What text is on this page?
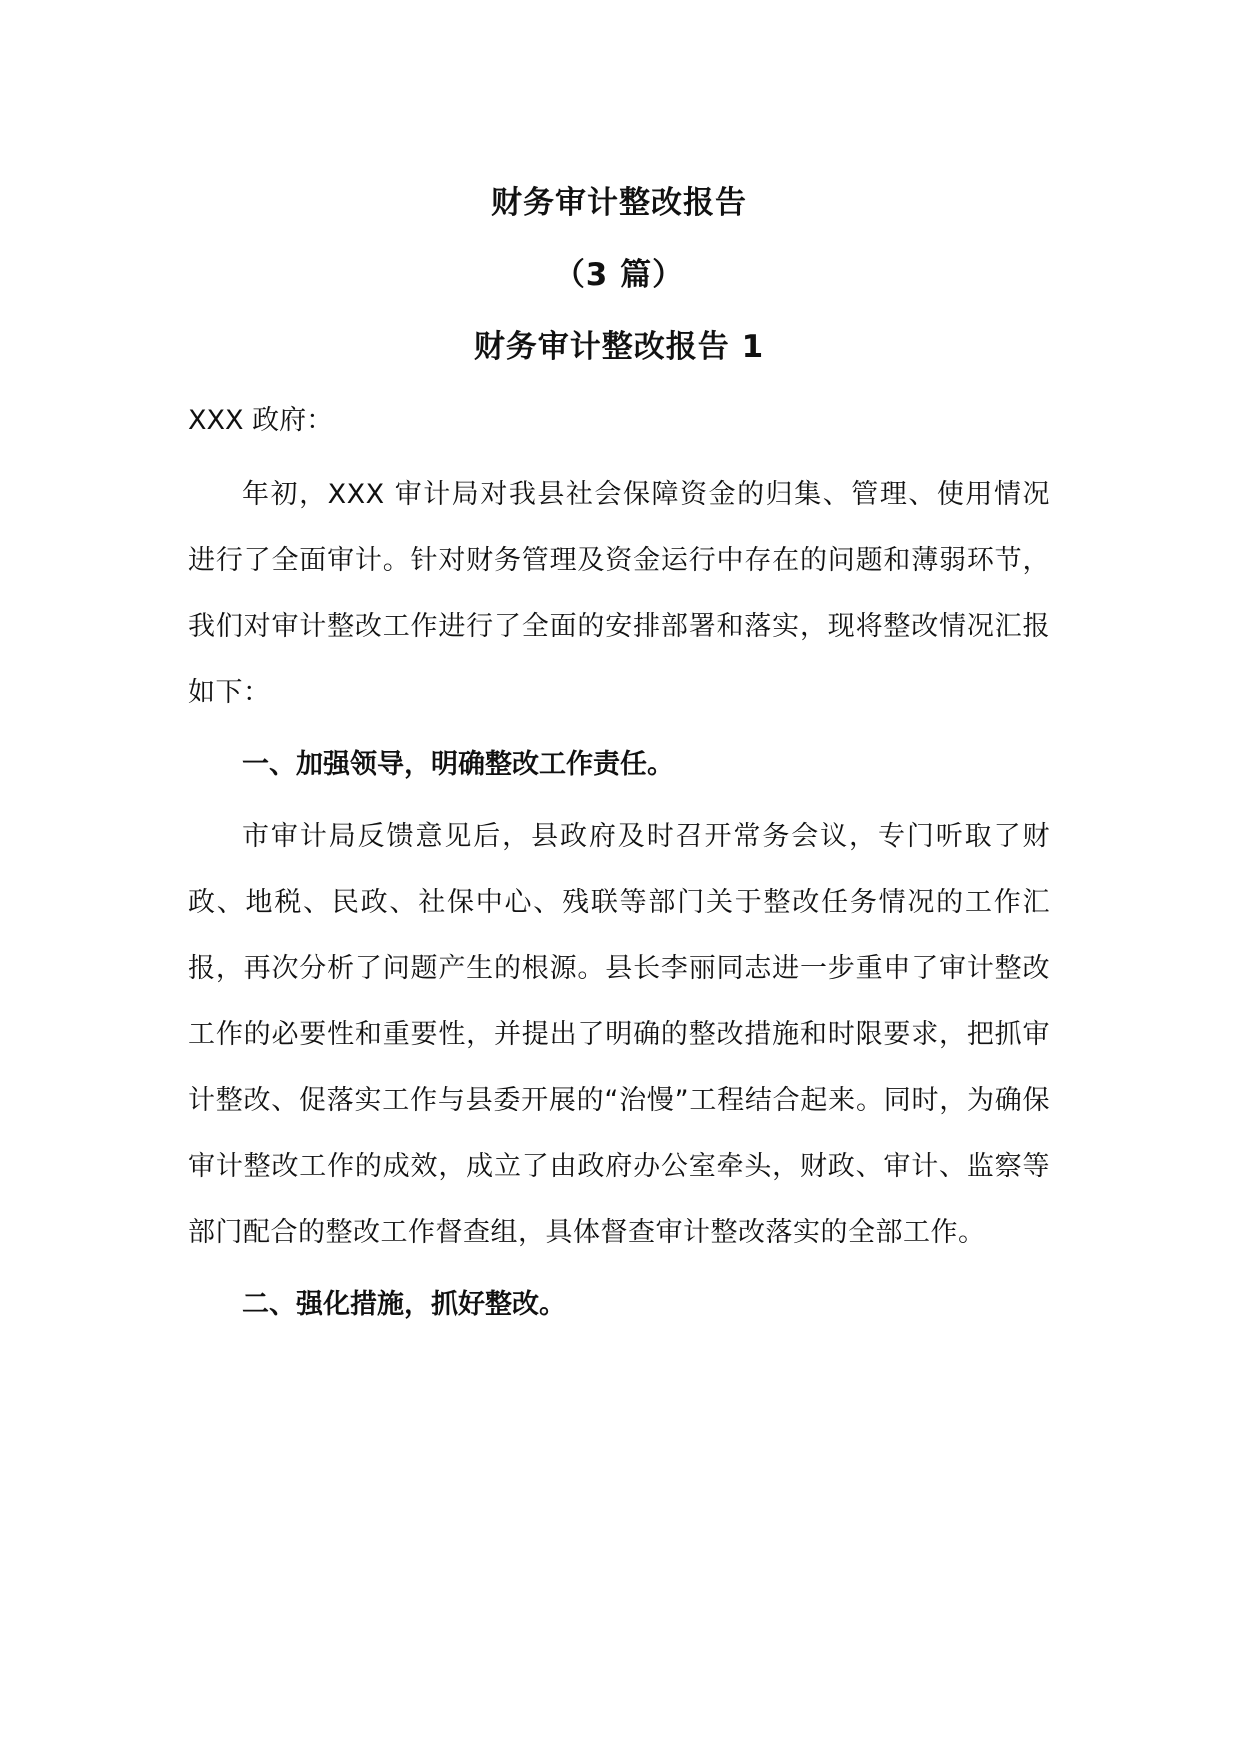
财务审计整改报告
（3 篇）
财务审计整改报告 1

XXX 政府：

年初，XXX 审计局对我县社会保障资金的归集、管理、使用情况进行了全面审计。针对财务管理及资金运行中存在的问题和薄弱环节，我们对审计整改工作进行了全面的安排部署和落实，现将整改情况汇报如下：

一、加强领导，明确整改工作责任。

市审计局反馈意见后，县政府及时召开常务会议，专门听取了财政、地税、民政、社保中心、残联等部门关于整改任务情况的工作汇报，再次分析了问题产生的根源。县长李丽同志进一步重申了审计整改工作的必要性和重要性，并提出了明确的整改措施和时限要求，把抓审计整改、促落实工作与县委开展的“治慢”工程结合起来。同时，为确保审计整改工作的成效，成立了由政府办公室牵头，财政、审计、监察等部门配合的整改工作督查组，具体督查审计整改落实的全部工作。

二、强化措施，抓好整改。
